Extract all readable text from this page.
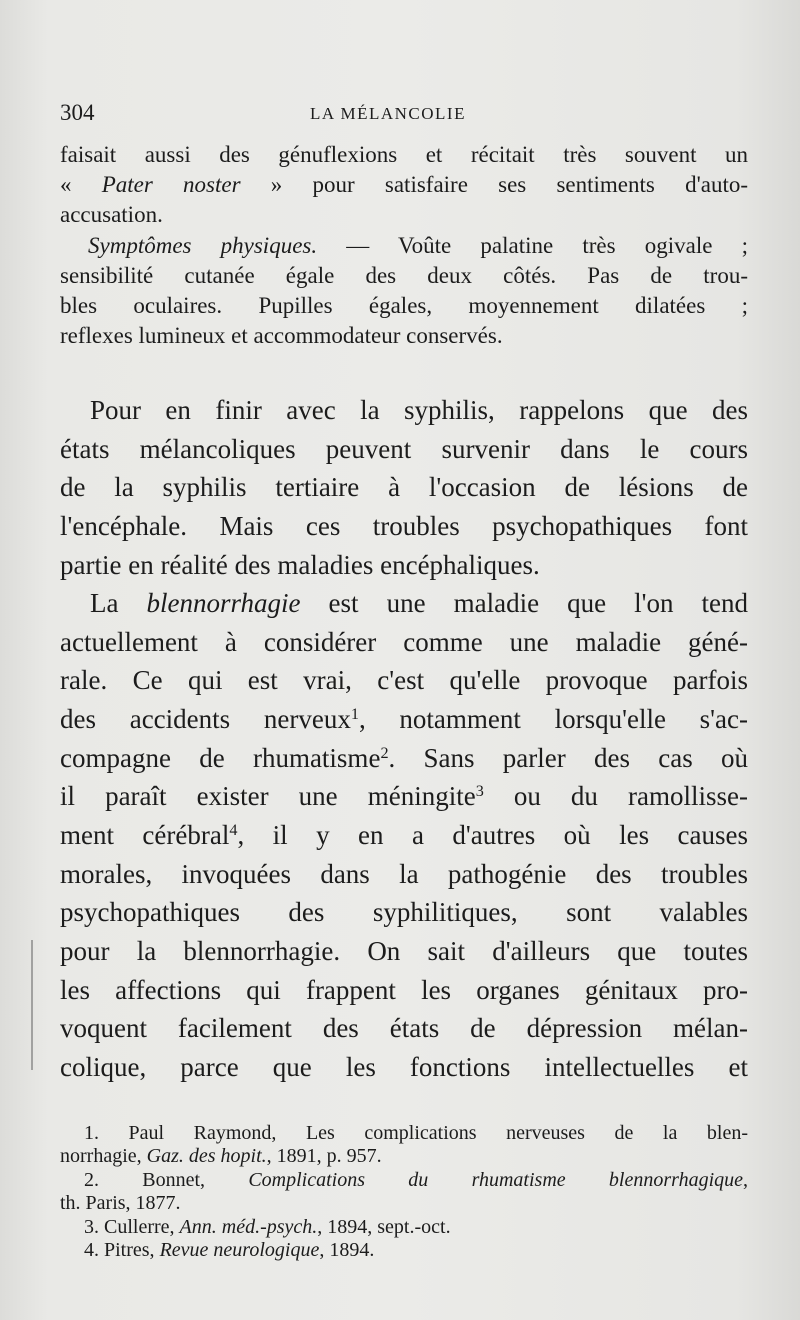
304	LA MÉLANCOLIE
faisait aussi des génuflexions et récitait très souvent un
« Pater noster » pour satisfaire ses sentiments d'auto-
accusation.
Symptômes physiques. — Voûte palatine très ogivale ;
sensibilité cutanée égale des deux côtés. Pas de trou-
bles oculaires. Pupilles égales, moyennement dilatées ;
reflexes lumineux et accommodateur conservés.
Pour en finir avec la syphilis, rappelons que des
états mélancoliques peuvent survenir dans le cours
de la syphilis tertiaire à l'occasion de lésions de
l'encéphale. Mais ces troubles psychopathiques font
partie en réalité des maladies encéphaliques.
La blennorrhagie est une maladie que l'on tend
actuellement à considérer comme une maladie géné-
rale. Ce qui est vrai, c'est qu'elle provoque parfois
des accidents nerveux$^1$, notamment lorsqu'elle s'ac-
compagne de rhumatisme$^2$. Sans parler des cas où
il paraît exister une méningite$^3$ ou du ramollisse-
ment cérébral$^4$, il y en a d'autres où les causes
morales, invoquées dans la pathogénie des troubles
psychopathiques des syphilitiques, sont valables
pour la blennorrhagie. On sait d'ailleurs que toutes
les affections qui frappent les organes génitaux pro-
voquent facilement des états de dépression mélan-
colique, parce que les fonctions intellectuelles et
1. Paul Raymond, Les complications nerveuses de la blen-
norrhagie, Gaz. des hopit., 1891, p. 957.
2. Bonnet, Complications du rhumatisme blennorrhagique,
th. Paris, 1877.
3. Cullerre, Ann. méd.-psych., 1894, sept.-oct.
4. Pitres, Revue neurologique, 1894.
